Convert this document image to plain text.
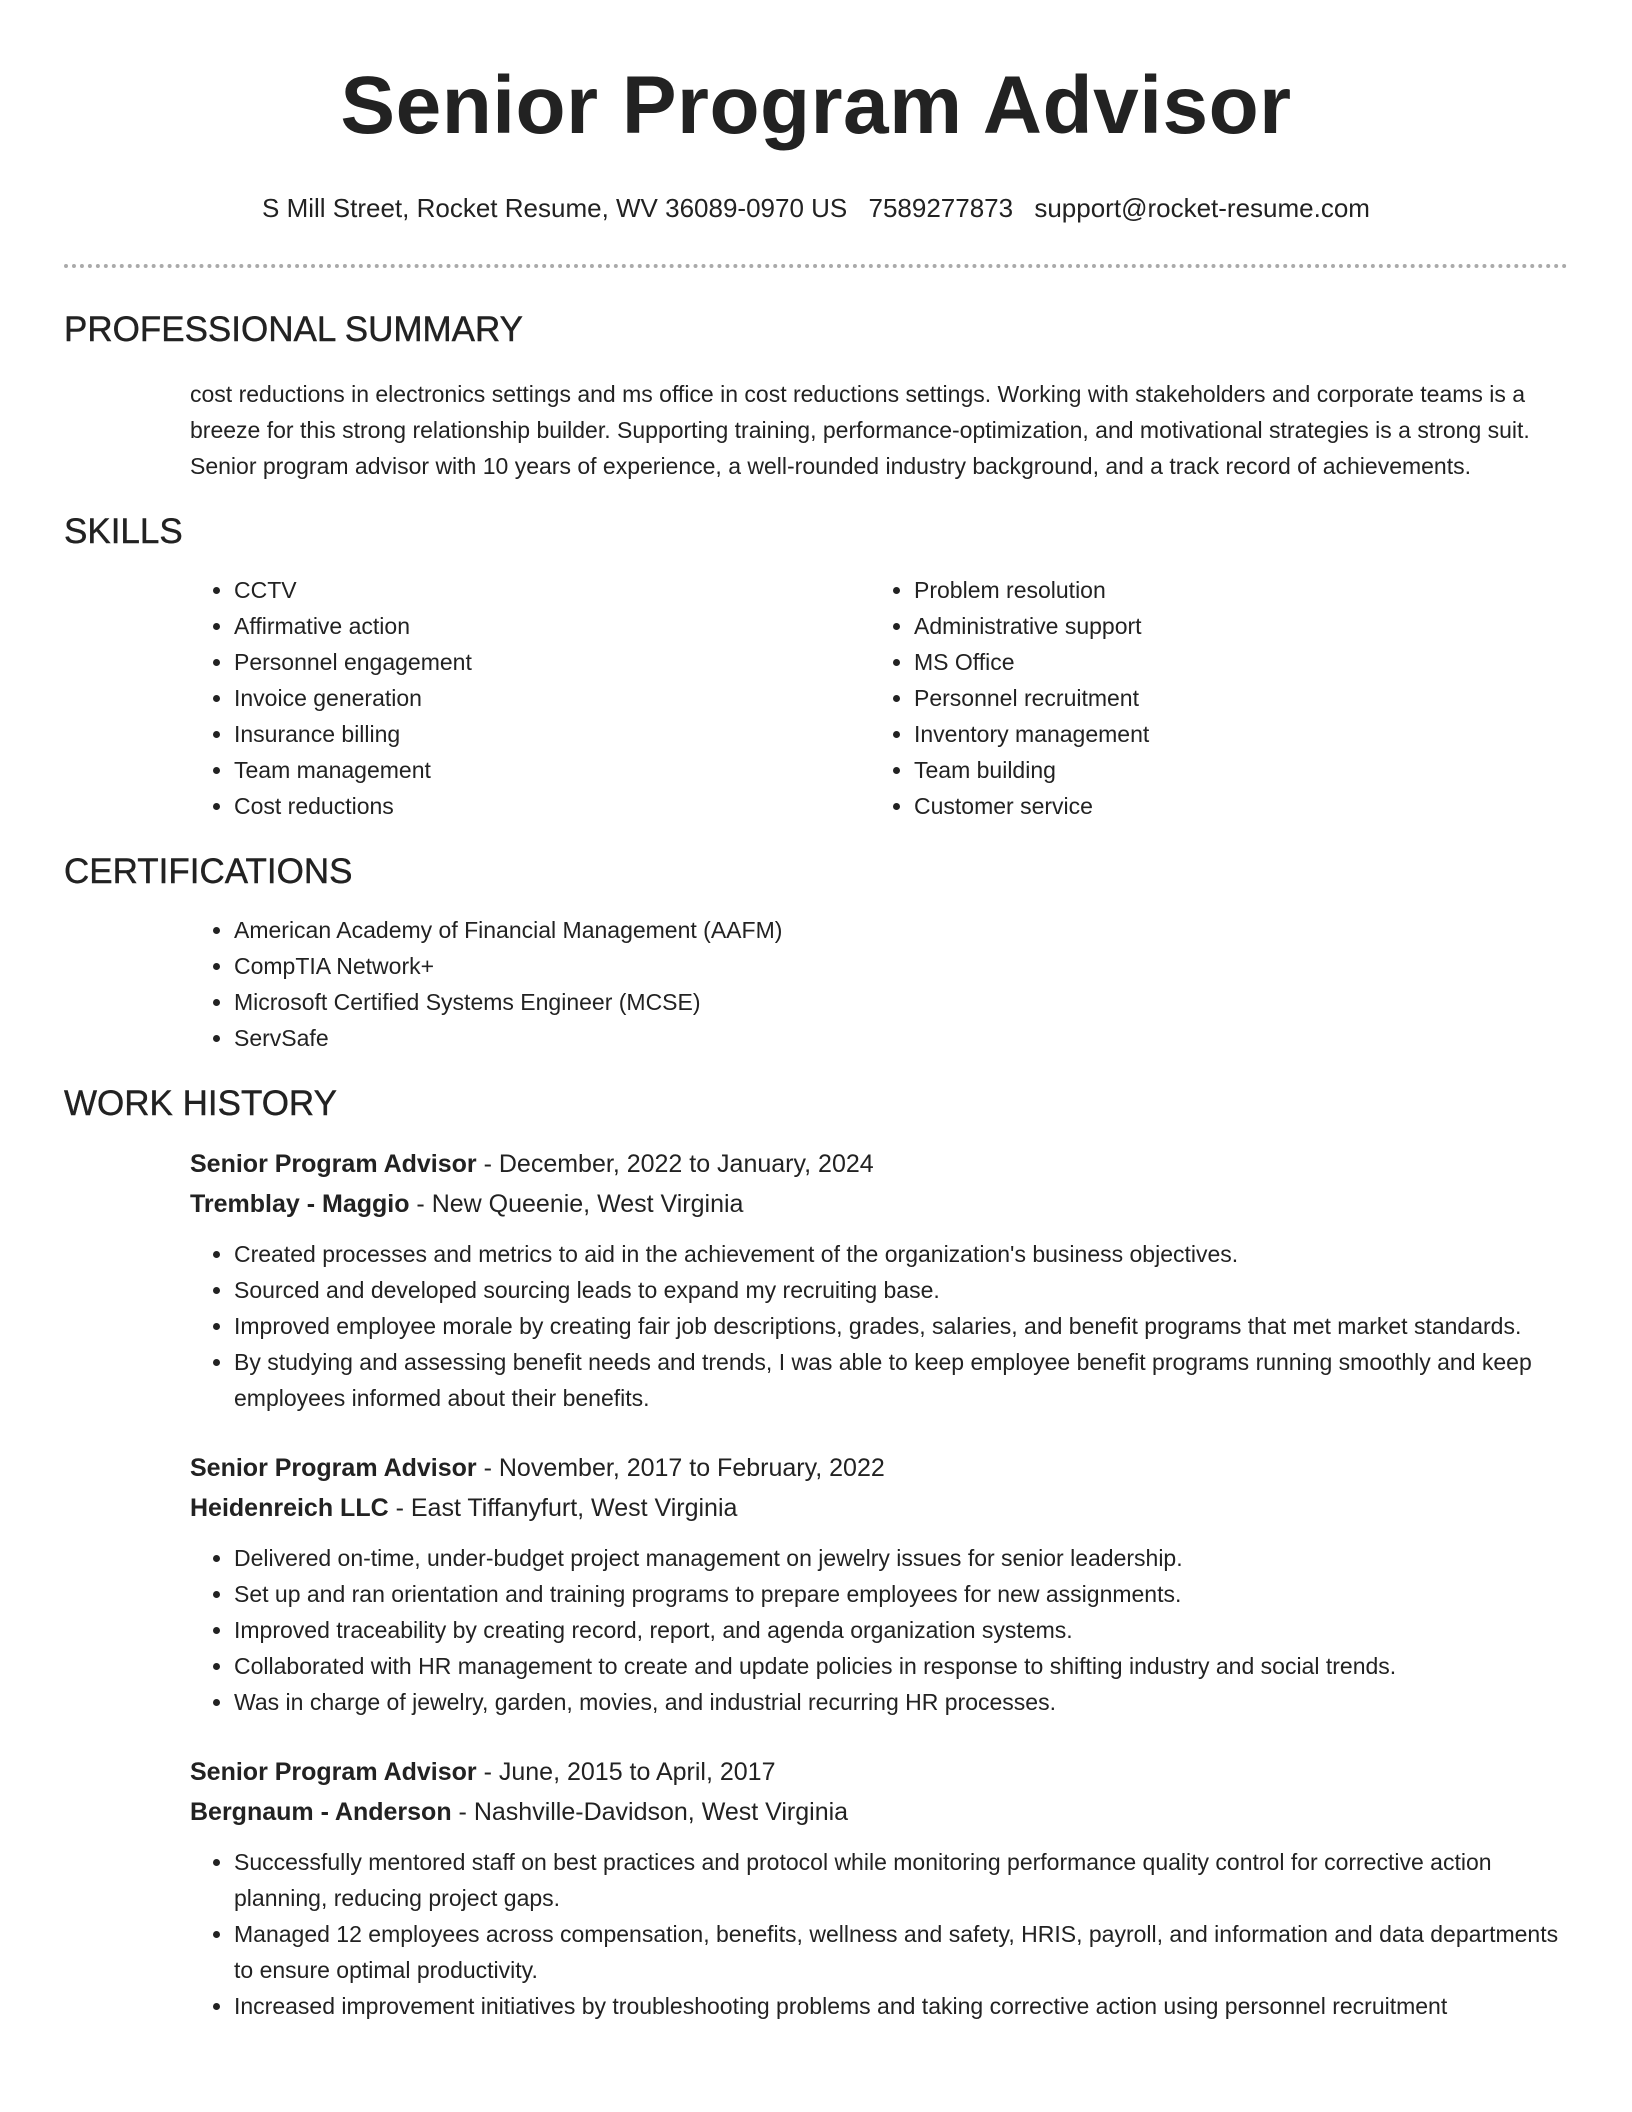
Senior Program Advisor
S Mill Street, Rocket Resume, WV 36089-0970 US 7589277873 support@rocket-resume.com
PROFESSIONAL SUMMARY

cost reductions in electronics settings and ms office in cost reductions settings. Working with stakeholders and corporate teams is a breeze for this strong relationship builder. Supporting training, performance-optimization, and motivational strategies is a strong suit. Senior program advisor with 10 years of experience, a well-rounded industry background, and a track record of achievements.

SKILLS
• CCTV
• Affirmative action
• Personnel engagement
• Invoice generation
• Insurance billing
• Team management
• Cost reductions
• Problem resolution
• Administrative support
• MS Office
• Personnel recruitment
• Inventory management
• Team building
• Customer service
CERTIFICATIONS
• American Academy of Financial Management (AAFM)
• CompTIA Network+
• Microsoft Certified Systems Engineer (MCSE)
• ServSafe
WORK HISTORY
Senior Program Advisor - December, 2022 to January, 2024
Tremblay - Maggio - New Queenie, West Virginia
• Created processes and metrics to aid in the achievement of the organization's business objectives.
• Sourced and developed sourcing leads to expand my recruiting base.
• Improved employee morale by creating fair job descriptions, grades, salaries, and benefit programs that met market standards.
• By studying and assessing benefit needs and trends, I was able to keep employee benefit programs running smoothly and keep employees informed about their benefits.
Senior Program Advisor - November, 2017 to February, 2022
Heidenreich LLC - East Tiffanyfurt, West Virginia
• Delivered on-time, under-budget project management on jewelry issues for senior leadership.
• Set up and ran orientation and training programs to prepare employees for new assignments.
• Improved traceability by creating record, report, and agenda organization systems.
• Collaborated with HR management to create and update policies in response to shifting industry and social trends.
• Was in charge of jewelry, garden, movies, and industrial recurring HR processes.
Senior Program Advisor - June, 2015 to April, 2017
Bergnaum - Anderson - Nashville-Davidson, West Virginia
• Successfully mentored staff on best practices and protocol while monitoring performance quality control for corrective action planning, reducing project gaps.
• Managed 12 employees across compensation, benefits, wellness and safety, HRIS, payroll, and information and data departments to ensure optimal productivity.
• Increased improvement initiatives by troubleshooting problems and taking corrective action using personnel recruitment
